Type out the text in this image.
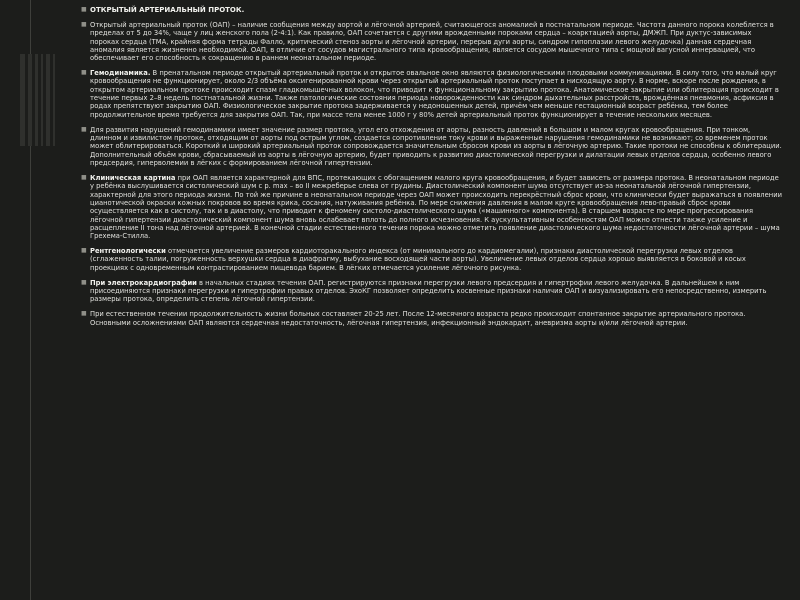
■ ОТКРЫТЫЙ АРТЕРИАЛЬНЫЙ ПРОТОК.
■ Открытый артериальный проток (ОАП) – наличие сообщения между аортой и лёгочной артерией, считающегося аномалией в постнатальном периоде. Частота данного порока колеблется в пределах от 5 до 34%, чаще у лиц женского пола (2-4:1). Как правило, ОАП сочетается с другими врожденными пороками сердца – коарктацией аорты, ДМЖП. При дуктус-зависимых пороках сердца (ТМА, крайняя форма тетрады Фалло, критический стеноз аорты и лёгочной артерии, перерыв дуги аорты, синдром гипоплазии левого желудочка) данная сердечная аномалия является жизненно необходимой. ОАП, в отличие от сосудов магистрального типа кровообращения, является сосудом мышечного типа с мощной вагусной иннервацией, что обеспечивает его способность к сокращению в раннем неонатальном периоде.
■ Гемодинамика. В пренатальном периоде открытый артериальный проток и открытое овальное окно являются физиологическими плодовыми коммуникациями. В силу того, что малый круг кровообращения не функционирует, около 2/3 объёма оксигенированной крови через открытый артериальный проток поступает в нисходящую аорту. В норме, вскоре после рождения, в открытом артериальном протоке происходит спазм гладкомышечных волокон, что приводит к функциональному закрытию протока. Анатомическое закрытие или облитерация происходит в течение первых 2–8 недель постнатальной жизни. Также патологические состояния периода новорожденности как синдром дыхательных расстройств, врождённая пневмония, асфиксия в родах препятствуют закрытию ОАП. Физиологическое закрытие протока задерживается у недоношенных детей, причём чем меньше гестационный возраст ребёнка, тем более продолжительное время требуется для закрытия ОАП. Так, при массе тела менее 1000 г у 80% детей артериальный проток функционирует в течение нескольких месяцев.
■ Для развития нарушений гемодинамики имеет значение размер протока, угол его отхождения от аорты, разность давлений в большом и малом кругах кровообращения. При тонком, длинном и извилистом протоке, отходящим от аорты под острым углом, создается сопротивление току крови и выраженные нарушения гемодинамики не возникают; со временем проток может облитерироваться. Короткий и широкий артериальный проток сопровождается значительным сбросом крови из аорты в лёгочную артерию. Такие протоки не способны к облитерации. Дополнительный объём крови, сбрасываемый из аорты в лёгочную артерию, будет приводить к развитию диастолической перегрузки и дилатации левых отделов сердца, особенно левого предсердия, гиперволемии в лёгких с формированием лёгочной гипертензии.
■ Клиническая картина при ОАП является характерной для ВПС, протекающих с обогащением малого круга кровообращения, и будет зависеть от размера протока. В неонатальном периоде у ребёнка выслушивается систолический шум с р. max – во II межреберье слева от грудины. Диастолический компонент шума отсутствует из-за неонатальной лёгочной гипертензии, характерной для этого периода жизни. По той же причине в неонатальном периоде через ОАП может происходить перекрёстный сброс крови, что клинически будет выражаться в появлении цианотической окраски кожных покровов во время крика, сосания, натуживания ребёнка. По мере снижения давления в малом круге кровообращения лево-правый сброс крови осуществляется как в систолу, так и в диастолу, что приводит к феномену систоло-диастолического шума («машинного» компонента). В старшем возрасте по мере прогрессирования лёгочной гипертензии диастолический компонент шума вновь ослабевает вплоть до полного исчезновения. К аускультативным особенностям ОАП можно отнести также усиление и расщепление II тона над лёгочной артерией. В конечной стадии естественного течения порока можно отметить появление диастолического шума недостаточности лёгочной артерии – шума Грехема-Стилла.
■ Рентгенологически отмечается увеличение размеров кардиоторакального индекса (от минимального до кардиомегалии), признаки диастолической перегрузки левых отделов (сглаженность талии, погруженность верхушки сердца в диафрагму, выбухание восходящей части аорты). Увеличение левых отделов сердца хорошо выявляется в боковой и косых проекциях с одновременным контрастированием пищевода барием. В лёгких отмечается усиление лёгочного рисунка.
■ При электрокардиографии в начальных стадиях течения ОАП. регистрируются признаки перегрузки левого предсердия и гипертрофии левого желудочка. В дальнейшем к ним присоединяются признаки перегрузки и гипертрофии правых отделов. ЭхоКГ позволяет определить косвенные признаки наличия ОАП и визуализировать его непосредственно, измерить размеры протока, определить степень лёгочной гипертензии.
■ При естественном течении продолжительность жизни больных составляет 20-25 лет. После 12-месячного возраста редко происходит спонтанное закрытие артериального протока. Основными осложнениями ОАП являются сердечная недостаточность, лёгочная гипертензия, инфекционный эндокардит, аневризма аорты и/или лёгочной артерии.
